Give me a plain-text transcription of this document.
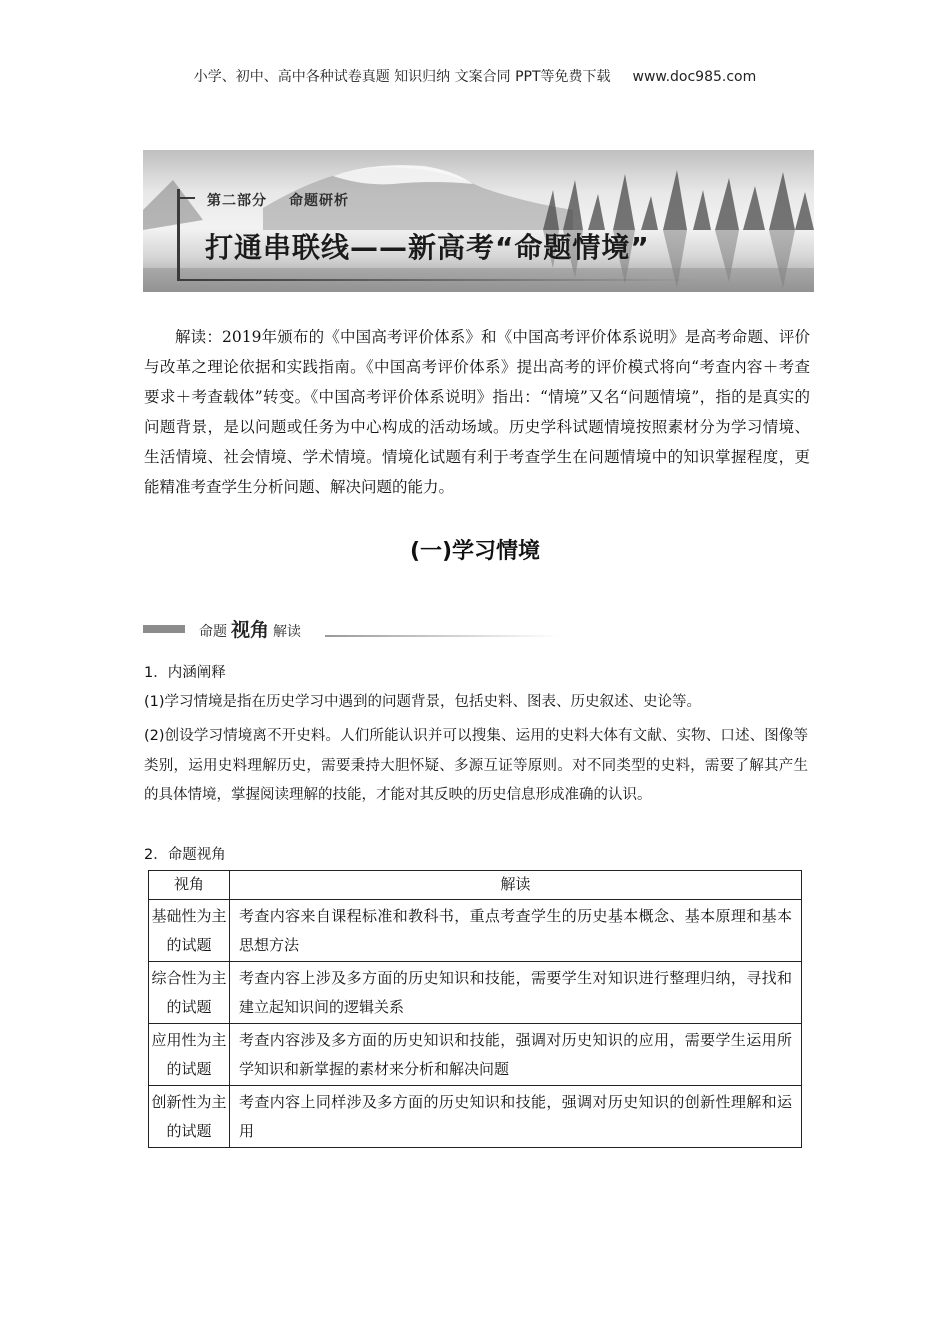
小学、初中、高中各种试卷真题 知识归纳 文案合同 PPT等免费下载 www.doc985.com
第二部分 命题研析
打通串联线——新高考“命题情境”

解读：2019年颁布的《中国高考评价体系》和《中国高考评价体系说明》是高考命题、评价与改革之理论依据和实践指南。《中国高考评价体系》提出高考的评价模式将向“考查内容＋考查要求＋考查载体”转变。《中国高考评价体系说明》指出：“情境”又名“问题情境”，指的是真实的问题背景，是以问题或任务为中心构成的活动场域。历史学科试题情境按照素材分为学习情境、生活情境、社会情境、学术情境。情境化试题有利于考查学生在问题情境中的知识掌握程度，更能精准考查学生分析问题、解决问题的能力。

(一)学习情境
命题 视角 解读
1．内涵阐释
(1)学习情境是指在历史学习中遇到的问题背景，包括史料、图表、历史叙述、史论等。
(2)创设学习情境离不开史料。人们所能认识并可以搜集、运用的史料大体有文献、实物、口述、图像等类别，运用史料理解历史，需要秉持大胆怀疑、多源互证等原则。对不同类型的史料，需要了解其产生的具体情境，掌握阅读理解的技能，才能对其反映的历史信息形成准确的认识。
2．命题视角
视角	解读
基础性为主的试题	考查内容来自课程标准和教科书，重点考查学生的历史基本概念、基本原理和基本思想方法
综合性为主的试题	考查内容上涉及多方面的历史知识和技能，需要学生对知识进行整理归纳，寻找和建立起知识间的逻辑关系
应用性为主的试题	考查内容涉及多方面的历史知识和技能，强调对历史知识的应用，需要学生运用所学知识和新掌握的素材来分析和解决问题
创新性为主的试题	考查内容上同样涉及多方面的历史知识和技能，强调对历史知识的创新性理解和运用
